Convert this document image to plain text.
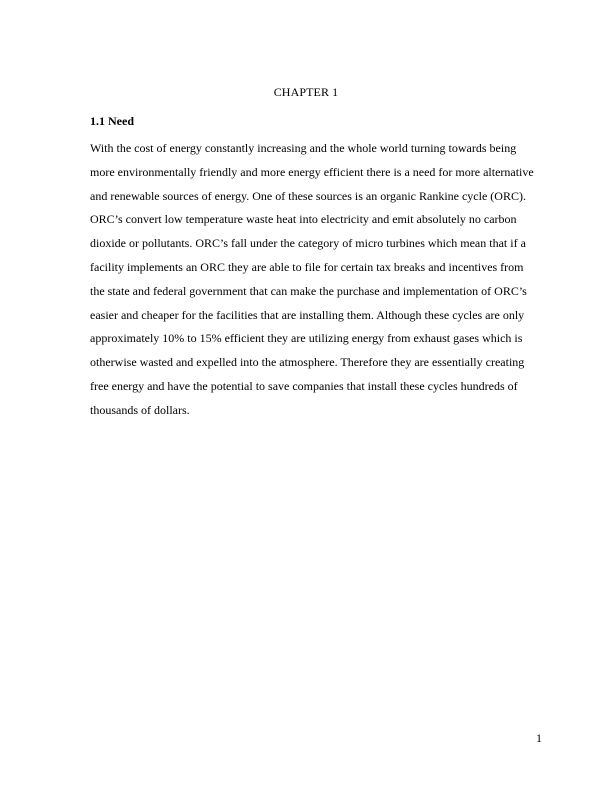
CHAPTER 1
1.1 Need
With the cost of energy constantly increasing and the whole world turning towards being
more environmentally friendly and more energy efficient there is a need for more alternative
and renewable sources of energy. One of these sources is an organic Rankine cycle (ORC).
ORC’s convert low temperature waste heat into electricity and emit absolutely no carbon
dioxide or pollutants. ORC’s fall under the category of micro turbines which mean that if a
facility implements an ORC they are able to file for certain tax breaks and incentives from
the state and federal government that can make the purchase and implementation of ORC’s
easier and cheaper for the facilities that are installing them. Although these cycles are only
approximately 10% to 15% efficient they are utilizing energy from exhaust gases which is
otherwise wasted and expelled into the atmosphere. Therefore they are essentially creating
free energy and have the potential to save companies that install these cycles hundreds of
thousands of dollars.
1
